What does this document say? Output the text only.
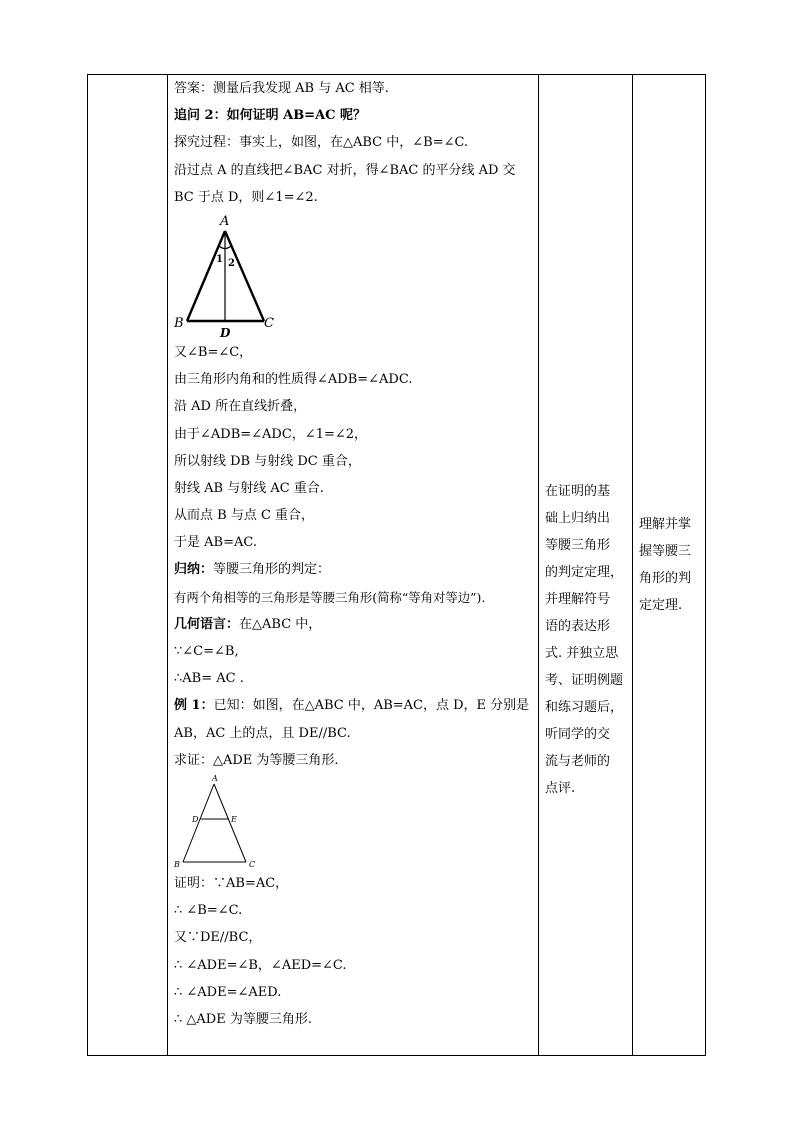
答案：测量后我发现 AB 与 AC 相等.
追问 2：如何证明 AB=AC 呢？
探究过程：事实上，如图，在△ABC 中，∠B=∠C.
沿过点 A 的直线把∠BAC 对折，得∠BAC 的平分线 AD 交
BC 于点 D，则∠1=∠2.
A
B	C
D
1 2
又∠B=∠C，
由三角形内角和的性质得∠ADB=∠ADC.
沿 AD 所在直线折叠，
由于∠ADB=∠ADC，∠1=∠2，
所以射线 DB 与射线 DC 重合，
射线 AB 与射线 AC 重合.
从而点 B 与点 C 重合，
于是 AB=AC.
归纳：等腰三角形的判定：
有两个角相等的三角形是等腰三角形(简称“等角对等边”).
几何语言：在△ABC 中，
∵∠C=∠B,
∴AB= AC .
例 1：已知：如图，在△ABC 中，AB=AC，点 D，E 分别是
AB，AC 上的点，且 DE//BC.
求证：△ADE 为等腰三角形.
A
D	E
B	C
证明：∵AB=AC，
∴ ∠B=∠C.
又∵DE//BC，
∴ ∠ADE=∠B，∠AED=∠C.
∴ ∠ADE=∠AED.
∴ △ADE 为等腰三角形.

在证明的基
础上归纳出
等腰三角形
的判定定理，
并理解符号
语的表达形
式. 并独立思
考、证明例题
和练习题后，
听同学的交
流与老师的
点评.

理解并掌
握等腰三
角形的判
定定理.
